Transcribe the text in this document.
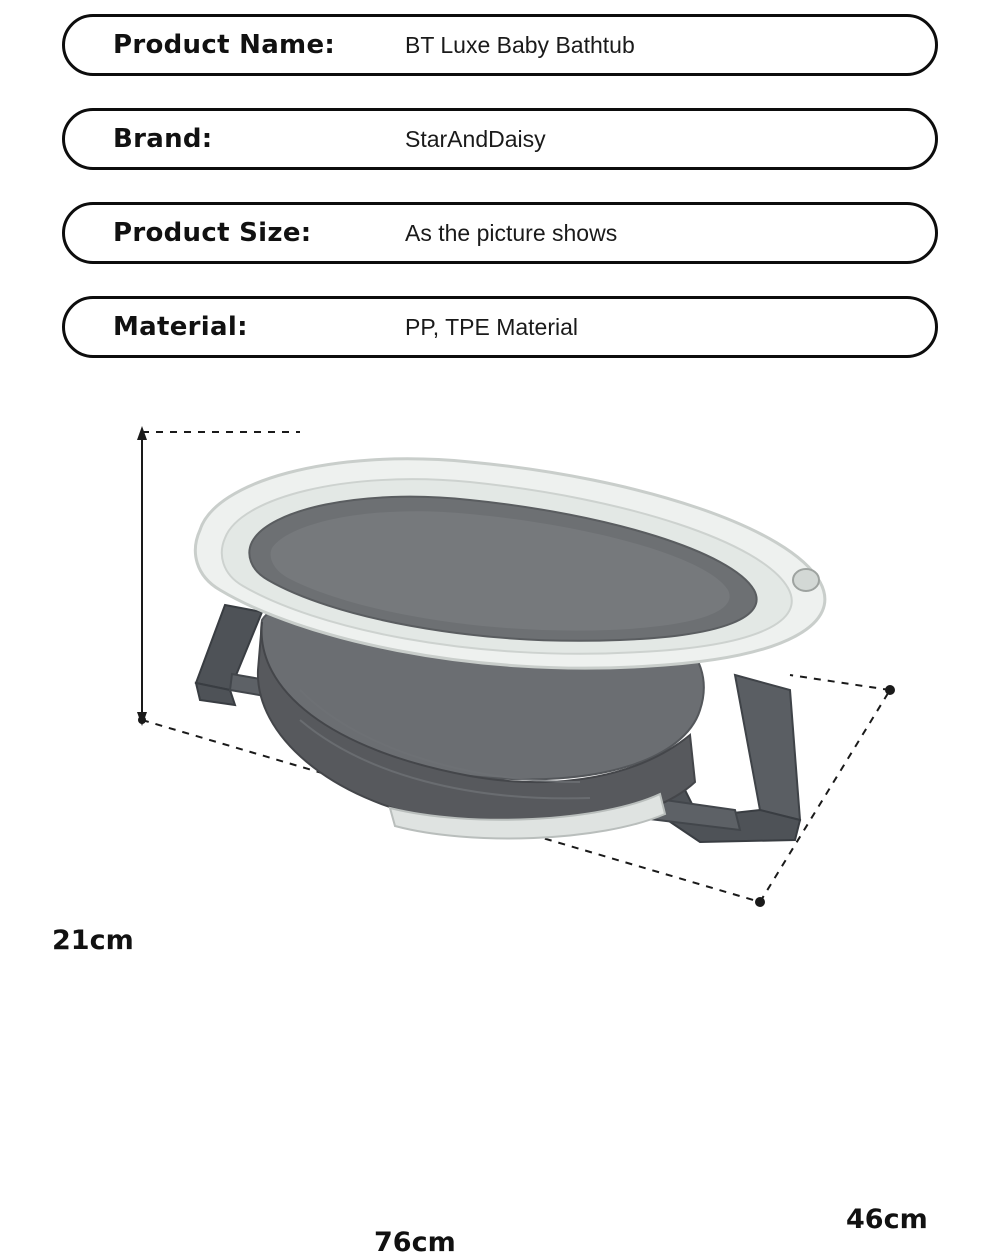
Product Name:	BT Luxe Baby Bathtub
Brand:	StarAndDaisy
Product Size:	As the picture shows
Material:	PP, TPE Material
21cm
76cm
46cm
